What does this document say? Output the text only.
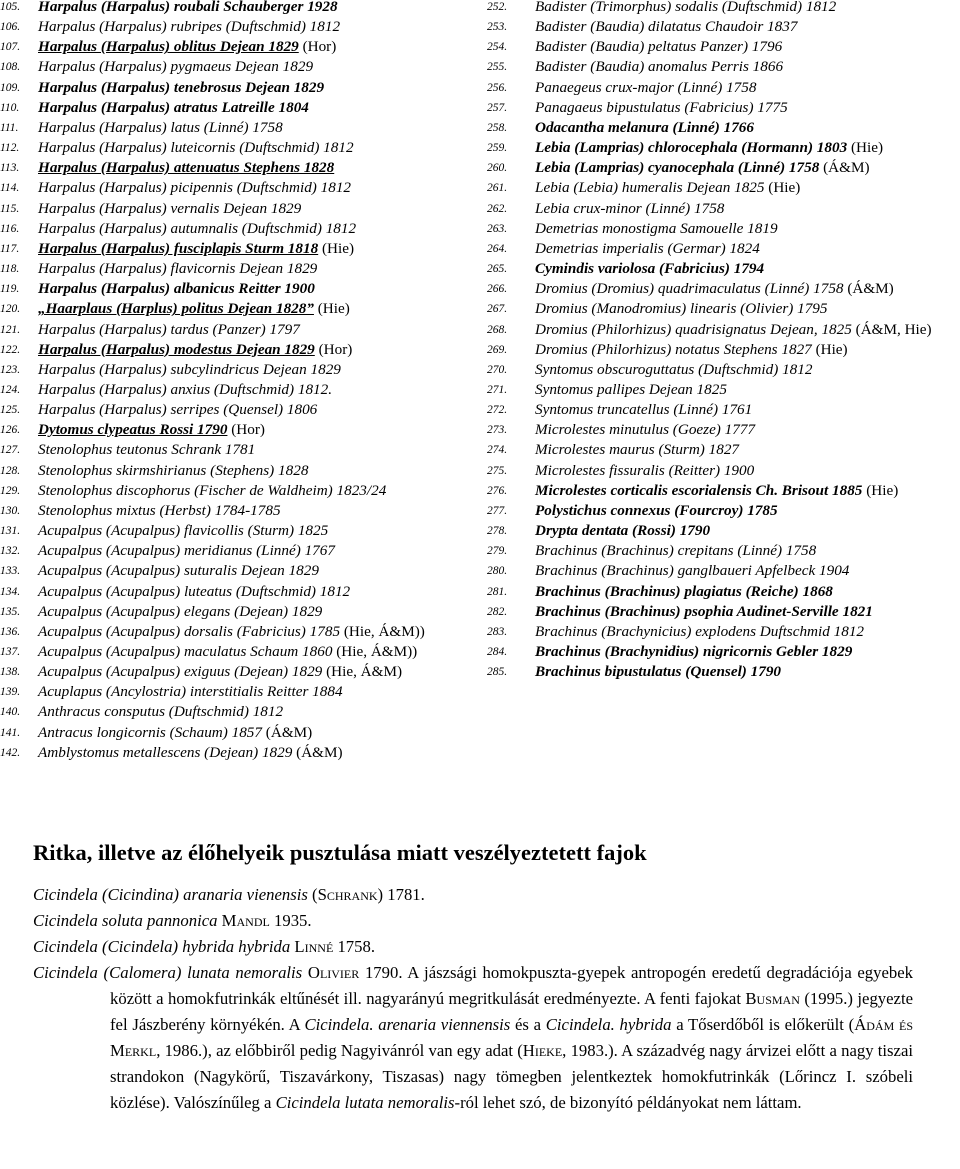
105.	Harpalus (Harpalus) roubali Schauberger 1928
106.	Harpalus (Harpalus) rubripes (Duftschmid) 1812
107.	Harpalus (Harpalus) oblitus Dejean 1829 (Hor)
108.	Harpalus (Harpalus) pygmaeus Dejean 1829
109.	Harpalus (Harpalus) tenebrosus Dejean 1829
110.	Harpalus (Harpalus) atratus Latreille 1804
111.	Harpalus (Harpalus) latus (Linné) 1758
112.	Harpalus (Harpalus) luteicornis (Duftschmid) 1812
113.	Harpalus (Harpalus) attenuatus Stephens 1828
114.	Harpalus (Harpalus) picipennis (Duftschmid) 1812
115.	Harpalus (Harpalus) vernalis Dejean 1829
116.	Harpalus (Harpalus) autumnalis (Duftschmid) 1812
117.	Harpalus (Harpalus) fusciplapis Sturm 1818 (Hie)
118.	Harpalus (Harpalus) flavicornis Dejean 1829
119.	Harpalus (Harpalus) albanicus Reitter 1900
120.	„Haarplaus (Harplus) politus Dejean 1828” (Hie)
121.	Harpalus (Harpalus) tardus (Panzer) 1797
122.	Harpalus (Harpalus) modestus Dejean 1829 (Hor)
123.	Harpalus (Harpalus) subcylindricus Dejean 1829
124.	Harpalus (Harpalus) anxius (Duftschmid) 1812.
125.	Harpalus (Harpalus) serripes (Quensel) 1806
126.	Dytomus clypeatus Rossi 1790 (Hor)
127.	Stenolophus teutonus Schrank 1781
128.	Stenolophus skirmshirianus (Stephens) 1828
129.	Stenolophus discophorus (Fischer de Waldheim) 1823/24
130.	Stenolophus mixtus (Herbst) 1784-1785
131.	Acupalpus (Acupalpus) flavicollis (Sturm) 1825
132.	Acupalpus (Acupalpus) meridianus (Linné) 1767
133.	Acupalpus (Acupalpus) suturalis Dejean 1829
134.	Acupalpus (Acupalpus) luteatus (Duftschmid) 1812
135.	Acupalpus (Acupalpus) elegans (Dejean) 1829
136.	Acupalpus (Acupalpus) dorsalis (Fabricius) 1785 (Hie, Á&M))
137.	Acupalpus (Acupalpus) maculatus Schaum 1860 (Hie, Á&M))
138.	Acupalpus (Acupalpus) exiguus (Dejean) 1829 (Hie, Á&M)
139.	Acuplapus (Ancylostria) interstitialis Reitter 1884
140.	Anthracus consputus (Duftschmid) 1812
141.	Antracus longicornis (Schaum) 1857 (Á&M)
142.	Amblystomus metallescens (Dejean) 1829 (Á&M)
252.	Badister (Trimorphus) sodalis (Duftschmid) 1812
253.	Badister (Baudia) dilatatus Chaudoir 1837
254.	Badister (Baudia) peltatus Panzer) 1796
255.	Badister (Baudia) anomalus Perris 1866
256.	Panaegeus crux-major (Linné) 1758
257.	Panagaeus bipustulatus (Fabricius) 1775
258.	Odacantha melanura (Linné) 1766
259.	Lebia (Lamprias) chlorocephala (Hormann) 1803 (Hie)
260.	Lebia (Lamprias) cyanocephala (Linné) 1758 (Á&M)
261.	Lebia (Lebia) humeralis Dejean 1825 (Hie)
262.	Lebia crux-minor (Linné) 1758
263.	Demetrias monostigma Samouelle 1819
264.	Demetrias imperialis (Germar) 1824
265.	Cymindis variolosa (Fabricius) 1794
266.	Dromius (Dromius) quadrimaculatus (Linné) 1758 (Á&M)
267.	Dromius (Manodromius) linearis (Olivier) 1795
268.	Dromius (Philorhizus) quadrisignatus Dejean, 1825 (Á&M, Hie)
269.	Dromius (Philorhizus) notatus Stephens 1827 (Hie)
270.	Syntomus obscuroguttatus (Duftschmid) 1812
271.	Syntomus pallipes Dejean 1825
272.	Syntomus truncatellus (Linné) 1761
273.	Microlestes minutulus (Goeze) 1777
274.	Microlestes maurus (Sturm) 1827
275.	Microlestes fissuralis (Reitter) 1900
276.	Microlestes corticalis escorialensis Ch. Brisout 1885 (Hie)
277.	Polystichus connexus (Fourcroy) 1785
278.	Drypta dentata (Rossi) 1790
279.	Brachinus (Brachinus) crepitans (Linné) 1758
280.	Brachinus (Brachinus) ganglbaueri Apfelbeck 1904
281.	Brachinus (Brachinus) plagiatus (Reiche) 1868
282.	Brachinus (Brachinus) psophia Audinet-Serville 1821
283.	Brachinus (Brachynicius) explodens Duftschmid 1812
284.	Brachinus (Brachynidius) nigricornis Gebler 1829
285.	Brachinus bipustulatus (Quensel) 1790
Ritka, illetve az élőhelyeik pusztulása miatt veszélyeztetett fajok
Cicindela (Cicindina) aranaria vienensis (Schrank) 1781.
Cicindela soluta pannonica Mandl 1935.
Cicindela (Cicindela) hybrida hybrida Linné 1758.
Cicindela (Calomera) lunata nemoralis Olivier 1790. A jászsági homokpuszta-gyepek antropogén eredetű degradációja egyebek között a homokfutrinkák eltűnését ill. nagyarányú megritkulását eredményezte. A fenti fajokat Busman (1995.) jegyezte fel Jászberény környékén. A Cicindela. arenaria viennensis és a Cicindela. hybrida a Tőserdőből is előkerült (Ádám és Merkl, 1986.), az előbbiről pedig Nagyivánról van egy adat (Hieke, 1983.). A századvég nagy árvizei előtt a nagy tiszai strandokon (Nagykörű, Tiszavárkony, Tiszasas) nagy tömegben jelentkeztek homokfutrinkák (Lőrincz I. szóbeli közlése). Valószínűleg a Cicindela lutata nemoralis-ról lehet szó, de bizonyító példányokat nem láttam.
